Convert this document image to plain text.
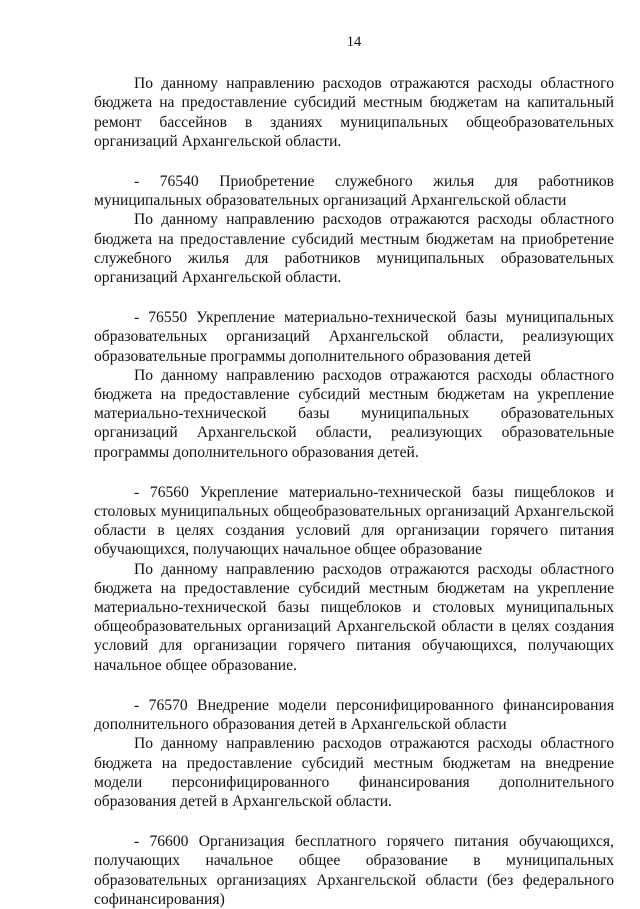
14

По данному направлению расходов отражаются расходы областного бюджета на предоставление субсидий местным бюджетам на капитальный ремонт бассейнов в зданиях муниципальных общеобразовательных организаций Архангельской области.

- 76540 Приобретение служебного жилья для работников муниципальных образовательных организаций Архангельской области

По данному направлению расходов отражаются расходы областного бюджета на предоставление субсидий местным бюджетам на приобретение служебного жилья для работников муниципальных образовательных организаций Архангельской области.

- 76550 Укрепление материально-технической базы муниципальных образовательных организаций Архангельской области, реализующих образовательные программы дополнительного образования детей

По данному направлению расходов отражаются расходы областного бюджета на предоставление субсидий местным бюджетам на укрепление материально-технической базы муниципальных образовательных организаций Архангельской области, реализующих образовательные программы дополнительного образования детей.

- 76560 Укрепление материально-технической базы пищеблоков и столовых муниципальных общеобразовательных организаций Архангельской области в целях создания условий для организации горячего питания обучающихся, получающих начальное общее образование

По данному направлению расходов отражаются расходы областного бюджета на предоставление субсидий местным бюджетам на укрепление материально-технической базы пищеблоков и столовых муниципальных общеобразовательных организаций Архангельской области в целях создания условий для организации горячего питания обучающихся, получающих начальное общее образование.

- 76570 Внедрение модели персонифицированного финансирования дополнительного образования детей в Архангельской области

По данному направлению расходов отражаются расходы областного бюджета на предоставление субсидий местным бюджетам на внедрение модели персонифицированного финансирования дополнительного образования детей в Архангельской области.

- 76600 Организация бесплатного горячего питания обучающихся, получающих начальное общее образование в муниципальных образовательных организациях Архангельской области (без федерального софинансирования)
